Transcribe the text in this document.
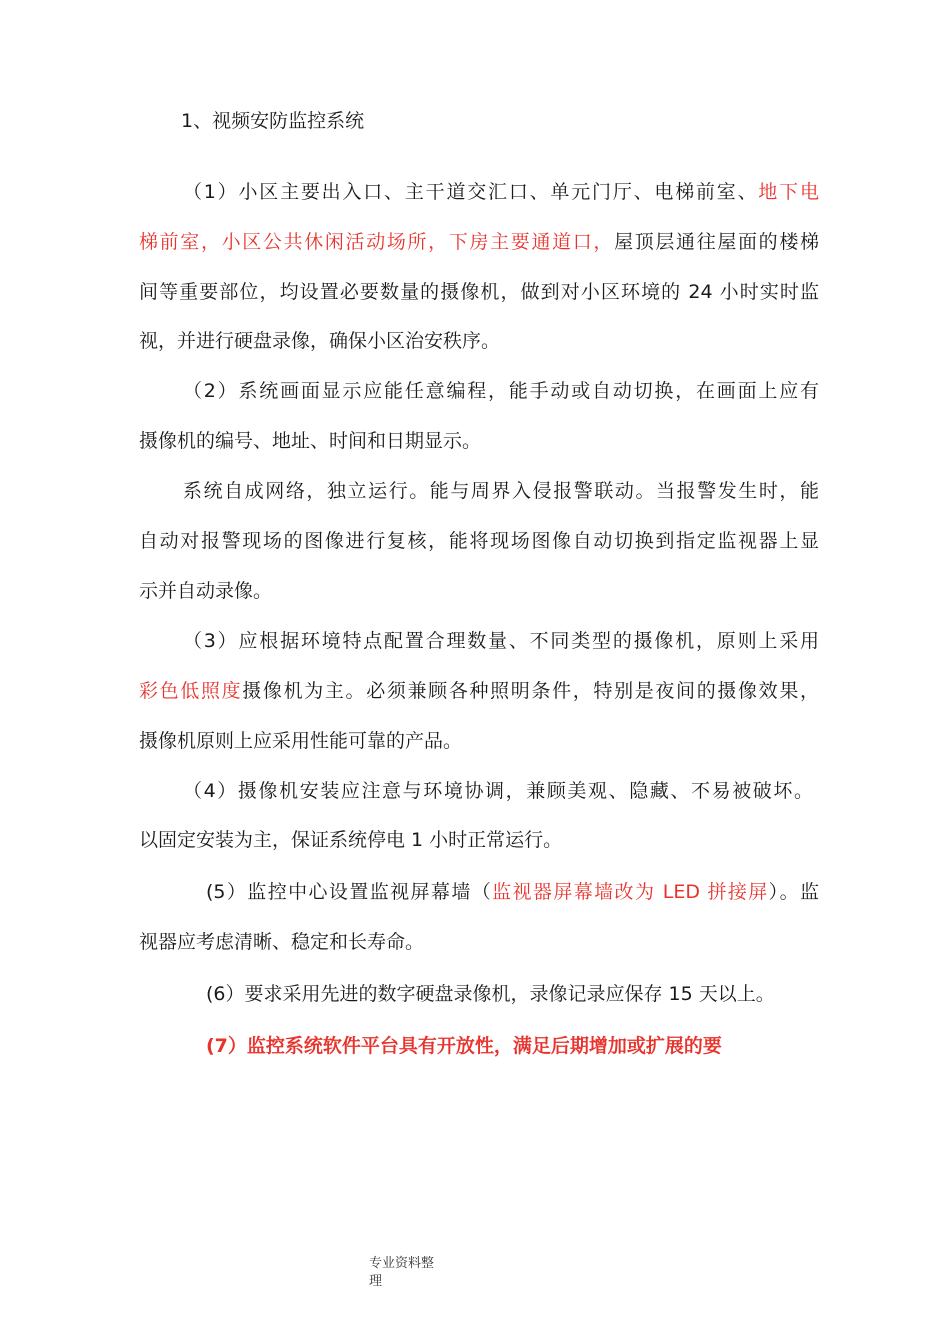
1、视频安防监控系统
（1）小区主要出入口、主干道交汇口、单元门厅、电梯前室、地下电
梯前室，小区公共休闲活动场所，下房主要通道口，屋顶层通往屋面的楼梯
间等重要部位，均设置必要数量的摄像机，做到对小区环境的 24 小时实时监
视，并进行硬盘录像，确保小区治安秩序。
（2）系统画面显示应能任意编程，能手动或自动切换，在画面上应有
摄像机的编号、地址、时间和日期显示。
系统自成网络，独立运行。能与周界入侵报警联动。当报警发生时，能
自动对报警现场的图像进行复核，能将现场图像自动切换到指定监视器上显
示并自动录像。
（3）应根据环境特点配置合理数量、不同类型的摄像机，原则上采用
彩色低照度摄像机为主。必须兼顾各种照明条件，特别是夜间的摄像效果，
摄像机原则上应采用性能可靠的产品。
（4）摄像机安装应注意与环境协调，兼顾美观、隐藏、不易被破坏。
以固定安装为主，保证系统停电 1 小时正常运行。
(5）监控中心设置监视屏幕墙（监视器屏幕墙改为 LED 拼接屏）。监
视器应考虑清晰、稳定和长寿命。
(6）要求采用先进的数字硬盘录像机，录像记录应保存 15 天以上。
(7）监控系统软件平台具有开放性，满足后期增加或扩展的要
专业资料整
理
